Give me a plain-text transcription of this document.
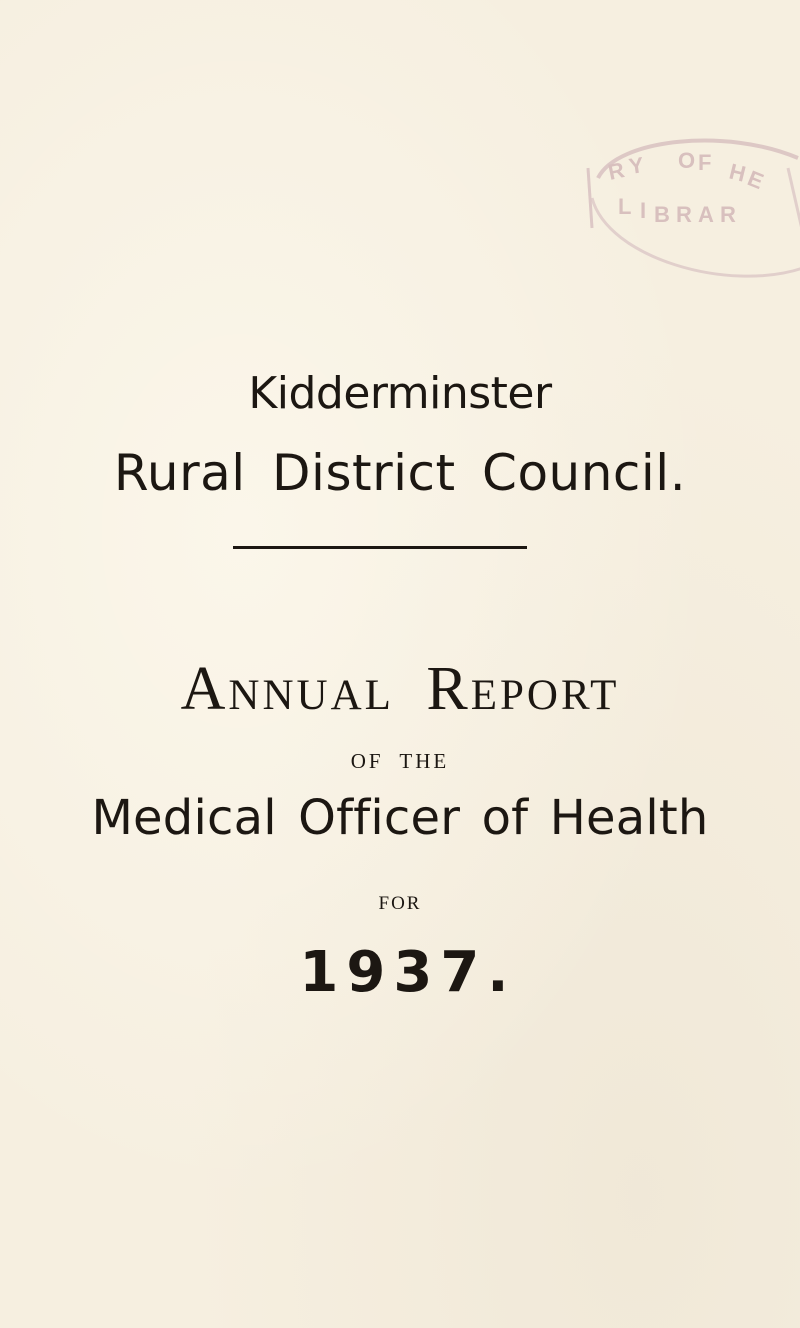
R Y O F H
E
L I B R A R
Kidderminster
Rural District Council.
Annual Report
OF THE
Medical Officer of Health
FOR
1937.
